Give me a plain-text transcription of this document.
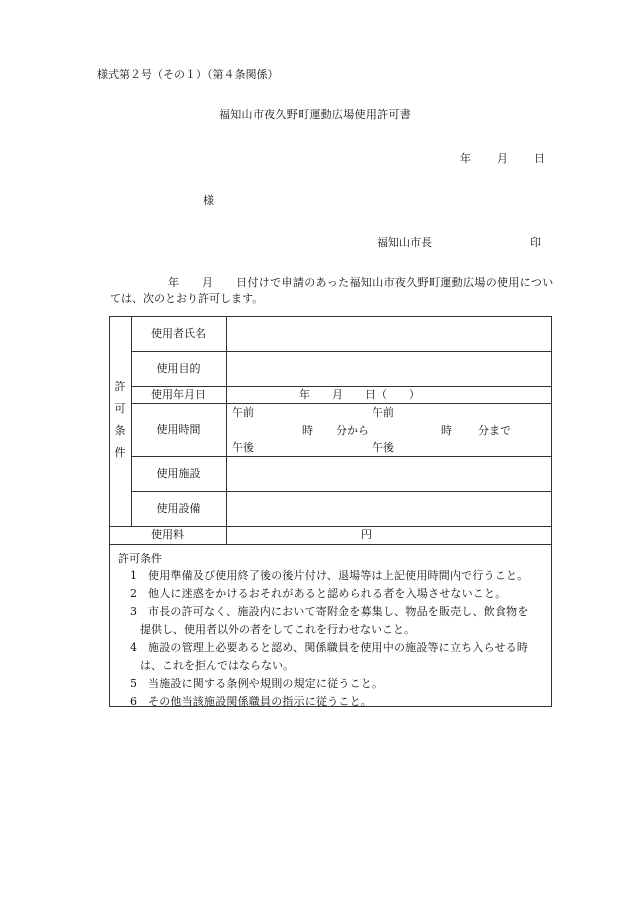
様式第２号（その１）（第４条関係）
福知山市夜久野町運動広場使用許可書
年 月 日
様
福知山市長	印
年　　月　　日付けで申請のあった福知山市夜久野町運動広場の使用につい
ては、次のとおり許可します。
許
可
条
件
使用者氏名
使用目的
使用年月日
使用時間
使用施設
使用設備
使用料
年　　月　　日（　　）
午前
午後
時 分から
午前
午後
時 分まで
円
許可条件
1 使用準備及び使用終了後の後片付け、退場等は上記使用時間内で行うこと。
2 他人に迷惑をかけるおそれがあると認められる者を入場させないこと。
3 市長の許可なく、施設内において寄附金を募集し、物品を販売し、飲食物を
提供し、使用者以外の者をしてこれを行わせないこと。
4 施設の管理上必要あると認め、関係職員を使用中の施設等に立ち入らせる時
は、これを拒んではならない。
5 当施設に関する条例や規則の規定に従うこと。
6 その他当該施設関係職員の指示に従うこと。
